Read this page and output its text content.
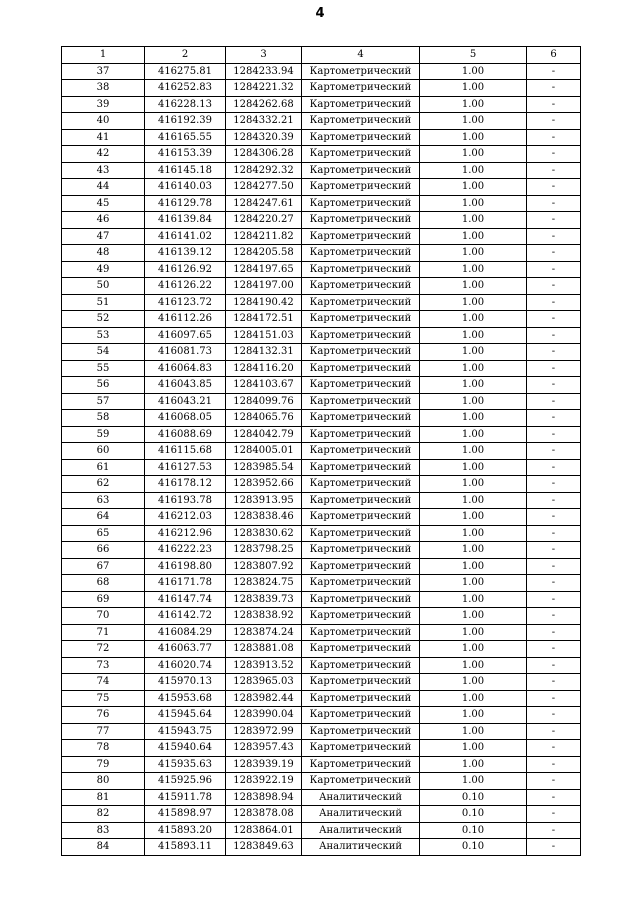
4
1	2	3	4	5	6
37	416275.81	1284233.94	Картометрический	1.00	-
38	416252.83	1284221.32	Картометрический	1.00	-
39	416228.13	1284262.68	Картометрический	1.00	-
40	416192.39	1284332.21	Картометрический	1.00	-
41	416165.55	1284320.39	Картометрический	1.00	-
42	416153.39	1284306.28	Картометрический	1.00	-
43	416145.18	1284292.32	Картометрический	1.00	-
44	416140.03	1284277.50	Картометрический	1.00	-
45	416129.78	1284247.61	Картометрический	1.00	-
46	416139.84	1284220.27	Картометрический	1.00	-
47	416141.02	1284211.82	Картометрический	1.00	-
48	416139.12	1284205.58	Картометрический	1.00	-
49	416126.92	1284197.65	Картометрический	1.00	-
50	416126.22	1284197.00	Картометрический	1.00	-
51	416123.72	1284190.42	Картометрический	1.00	-
52	416112.26	1284172.51	Картометрический	1.00	-
53	416097.65	1284151.03	Картометрический	1.00	-
54	416081.73	1284132.31	Картометрический	1.00	-
55	416064.83	1284116.20	Картометрический	1.00	-
56	416043.85	1284103.67	Картометрический	1.00	-
57	416043.21	1284099.76	Картометрический	1.00	-
58	416068.05	1284065.76	Картометрический	1.00	-
59	416088.69	1284042.79	Картометрический	1.00	-
60	416115.68	1284005.01	Картометрический	1.00	-
61	416127.53	1283985.54	Картометрический	1.00	-
62	416178.12	1283952.66	Картометрический	1.00	-
63	416193.78	1283913.95	Картометрический	1.00	-
64	416212.03	1283838.46	Картометрический	1.00	-
65	416212.96	1283830.62	Картометрический	1.00	-
66	416222.23	1283798.25	Картометрический	1.00	-
67	416198.80	1283807.92	Картометрический	1.00	-
68	416171.78	1283824.75	Картометрический	1.00	-
69	416147.74	1283839.73	Картометрический	1.00	-
70	416142.72	1283838.92	Картометрический	1.00	-
71	416084.29	1283874.24	Картометрический	1.00	-
72	416063.77	1283881.08	Картометрический	1.00	-
73	416020.74	1283913.52	Картометрический	1.00	-
74	415970.13	1283965.03	Картометрический	1.00	-
75	415953.68	1283982.44	Картометрический	1.00	-
76	415945.64	1283990.04	Картометрический	1.00	-
77	415943.75	1283972.99	Картометрический	1.00	-
78	415940.64	1283957.43	Картометрический	1.00	-
79	415935.63	1283939.19	Картометрический	1.00	-
80	415925.96	1283922.19	Картометрический	1.00	-
81	415911.78	1283898.94	Аналитический	0.10	-
82	415898.97	1283878.08	Аналитический	0.10	-
83	415893.20	1283864.01	Аналитический	0.10	-
84	415893.11	1283849.63	Аналитический	0.10	-
